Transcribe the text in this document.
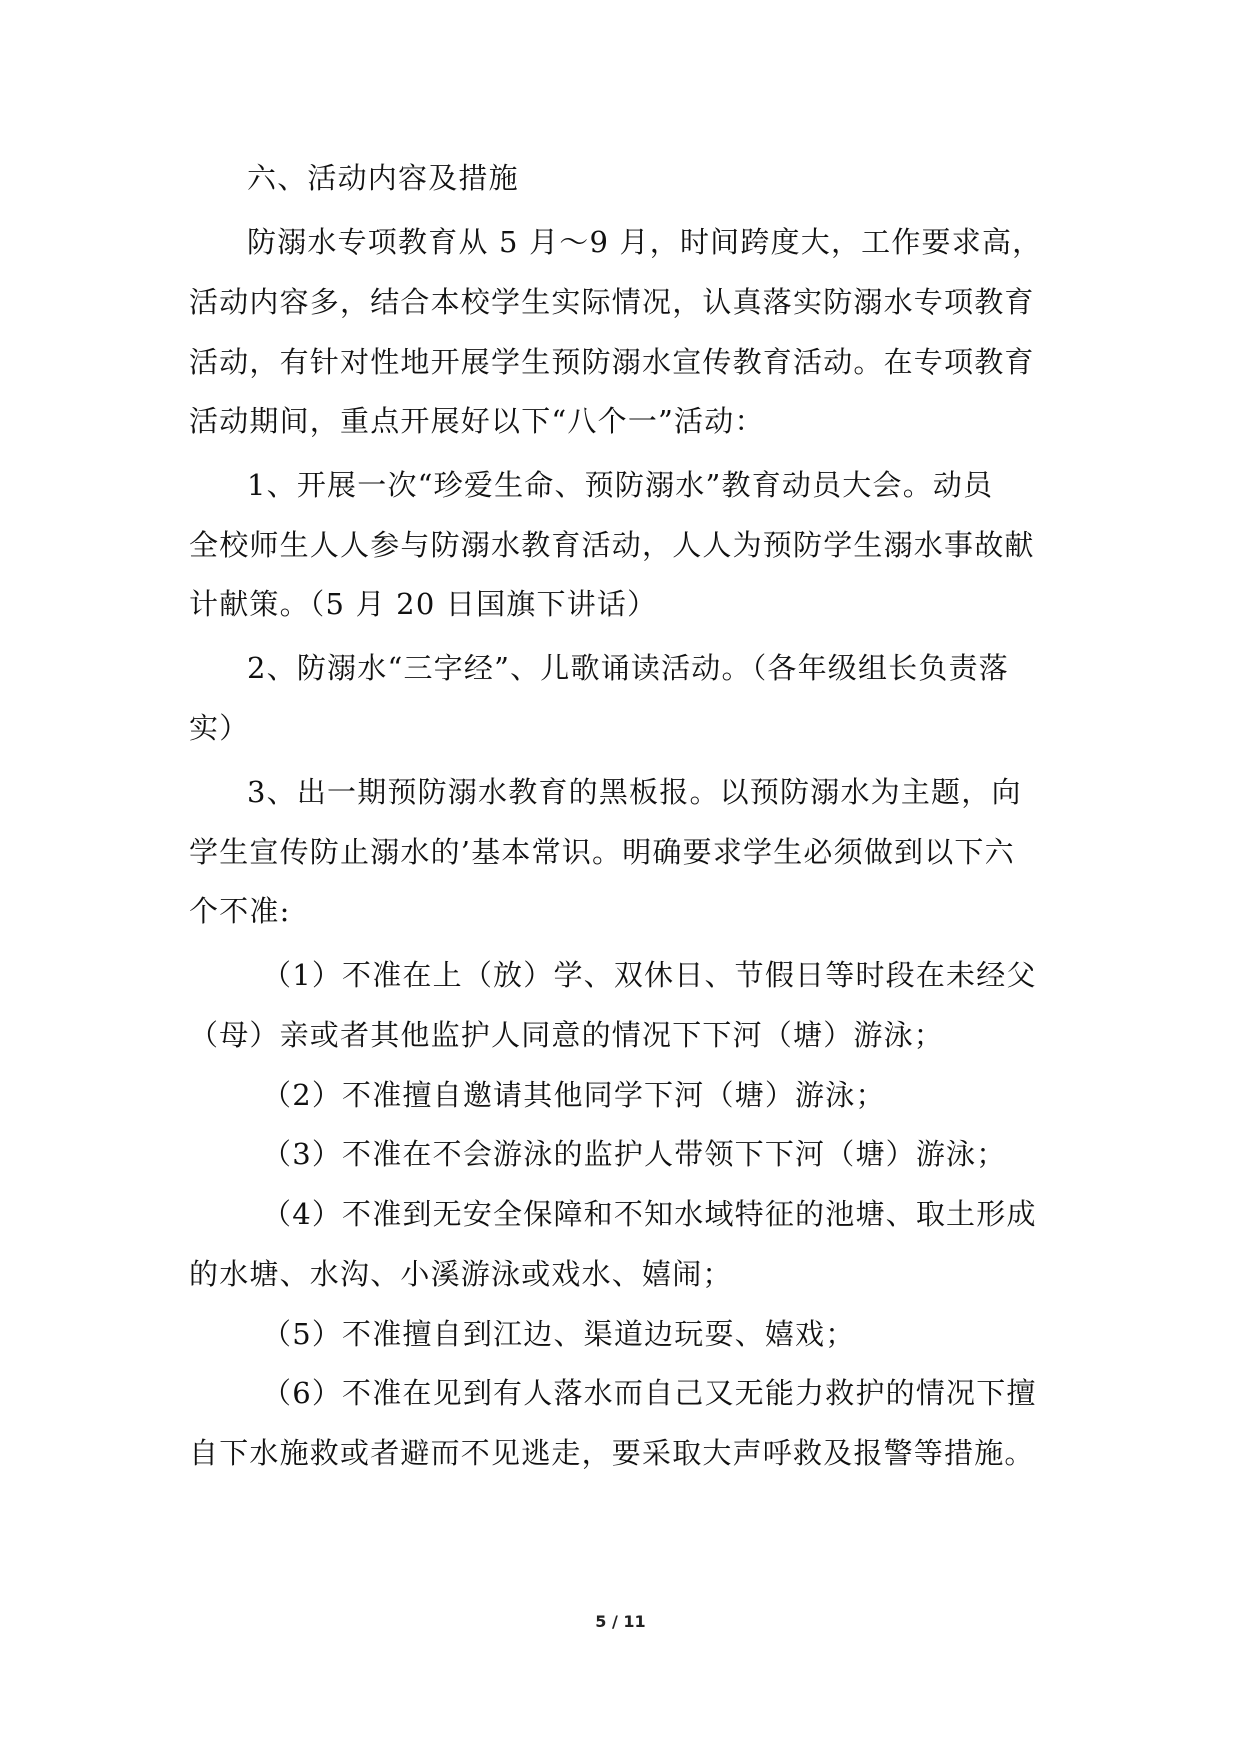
六、活动内容及措施
防溺水专项教育从 5 月～9 月，时间跨度大，工作要求高，
活动内容多，结合本校学生实际情况，认真落实防溺水专项教育
活动，有针对性地开展学生预防溺水宣传教育活动。在专项教育
活动期间，重点开展好以下“八个一”活动：
1、开展一次“珍爱生命、预防溺水”教育动员大会。动员
全校师生人人参与防溺水教育活动，人人为预防学生溺水事故献
计献策。（5 月 20 日国旗下讲话）
2、防溺水“三字经”、儿歌诵读活动。（各年级组长负责落
实）
3、出一期预防溺水教育的黑板报。以预防溺水为主题，向
学生宣传防止溺水的’基本常识。明确要求学生必须做到以下六
个不准:
（1）不准在上（放）学、双休日、节假日等时段在未经父
（母）亲或者其他监护人同意的情况下下河（塘）游泳；
（2）不准擅自邀请其他同学下河（塘）游泳；
（3）不准在不会游泳的监护人带领下下河（塘）游泳；
（4）不准到无安全保障和不知水域特征的池塘、取土形成
的水塘、水沟、小溪游泳或戏水、嬉闹；
（5）不准擅自到江边、渠道边玩耍、嬉戏；
（6）不准在见到有人落水而自己又无能力救护的情况下擅
自下水施救或者避而不见逃走，要采取大声呼救及报警等措施。
5 / 11
